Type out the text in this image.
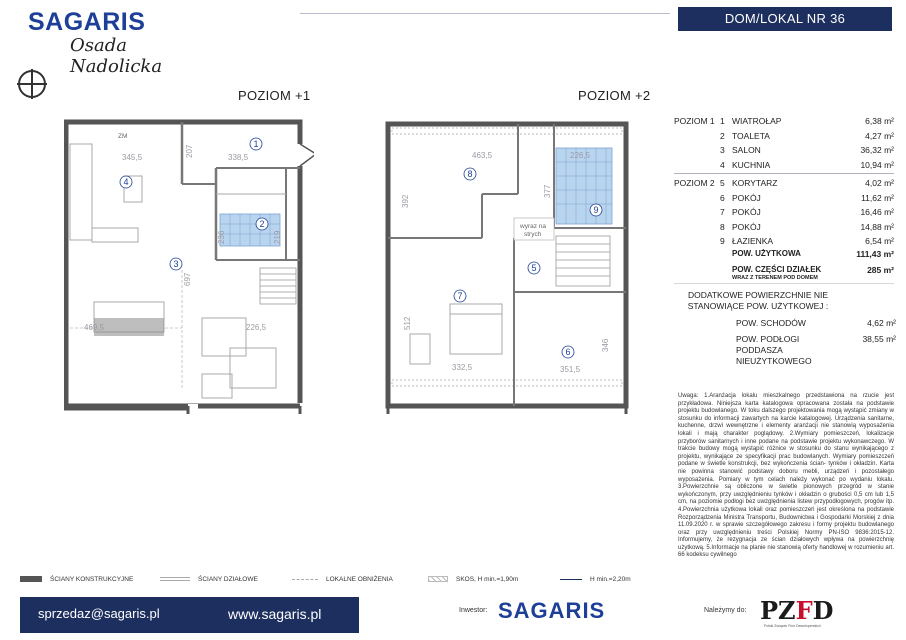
SAGARIS
Osada Nadolicka
DOM/LOKAL NR 36
POZIOM +1	POZIOM +2
1
2
3
4
345,5	338,5
469,5	226,5
697
207
236	219
ZM
wyraz na
strych
5
6
7
8
9
463,5
332,5	351,5
512
392
346
226,5
377
POZIOM 1 1 WIATROŁAP	6,38 m²
2 TOALETA	4,27 m²
3 SALON	36,32 m²
4 KUCHNIA	10,94 m²
POZIOM 2 5 KORYTARZ	4,02 m²
6 POKÓJ	11,62 m²
7 POKÓJ	16,46 m²
8 POKÓJ	14,88 m²
9 ŁAZIENKA	6,54 m²
POW. UŻYTKOWA	111,43 m²
POW. CZĘŚCI DZIAŁEK	285 m²
WRAZ Z TERENEM POD DOMEM
DODATKOWE POWIERZCHNIE NIE STANOWIĄCE POW. UŻYTKOWEJ :
POW. SCHODÓW	4,62 m²
POW. PODŁOGI PODDASZA NIEUŻYTKOWEGO
38,55 m²
Uwaga: 1.Aranżacja lokalu mieszkalnego przedstawiona na rzucie jest przykładowa. Niniejsza karta katalogowa opracowana została na podstawie projektu budowlanego. W toku dalszego projektowania mogą wystąpić zmiany w stosunku do informacji zawartych na karcie katalogowej. Urządzenia sanitarne, kuchenne, drzwi wewnętrzne i elementy aranżacji nie stanowią wyposażenia lokali i mają charakter poglądowy. 2.Wymiary pomieszczeń, lokalizacje przyborów sanitarnych i inne podane na podstawie projektu wykonawczego. W trakcie budowy mogą wystąpić różnice w stosunku do stanu wynikającego z projektu, wynikające ze specyfikacji prac budowlanych. Wymiary pomieszczeń podane w świetle konstrukcji, bez wykończenia ścian- tynków i okładzin. Karta nie powinna stanowić podstawy doboru mebli, urządzeń i pozostałego wyposażenia. Pomiary w tym celach należy wykonać po wydaniu lokalu. 3.Powierzchnie są obliczone w świetle pionowych przegród w stanie wykończonym, przy uwzględnieniu tynków i okładzin o grubości 0,5 cm lub 1,5 cm, na poziomie podłogi bez uwzględnienia listew przypodłogowych, progów itp. 4.Powierzchnia użytkowa lokali oraz pomieszczeń jest określona na podstawie Rozporządzenia Ministra Transportu, Budownictwa i Gospodarki Morskiej z dnia 11.09.2020 r. w sprawie szczegółowego zakresu i formy projektu budowlanego oraz przy uwzględnieniu treści Polskiej Normy PN-ISO 9836:2015-12. Informujemy, że rezygnacja ze ścian działowych wpływa na powierzchnię użytkową. 5.Informacje na planie nie stanowią oferty handlowej w rozumieniu art. 66 kodeksu cywilnego
ŚCIANY KONSTRUKCYJNE	ŚCIANY DZIAŁOWE	LOKALNE OBNIŻENIA	SKOS, H min.=1,90m	H min.=2,20m
sprzedaz@sagaris.pl	www.sagaris.pl	Inwestor: SAGARIS	Należymy do: PZFD
Polski Związek Firm Deweloperskich
